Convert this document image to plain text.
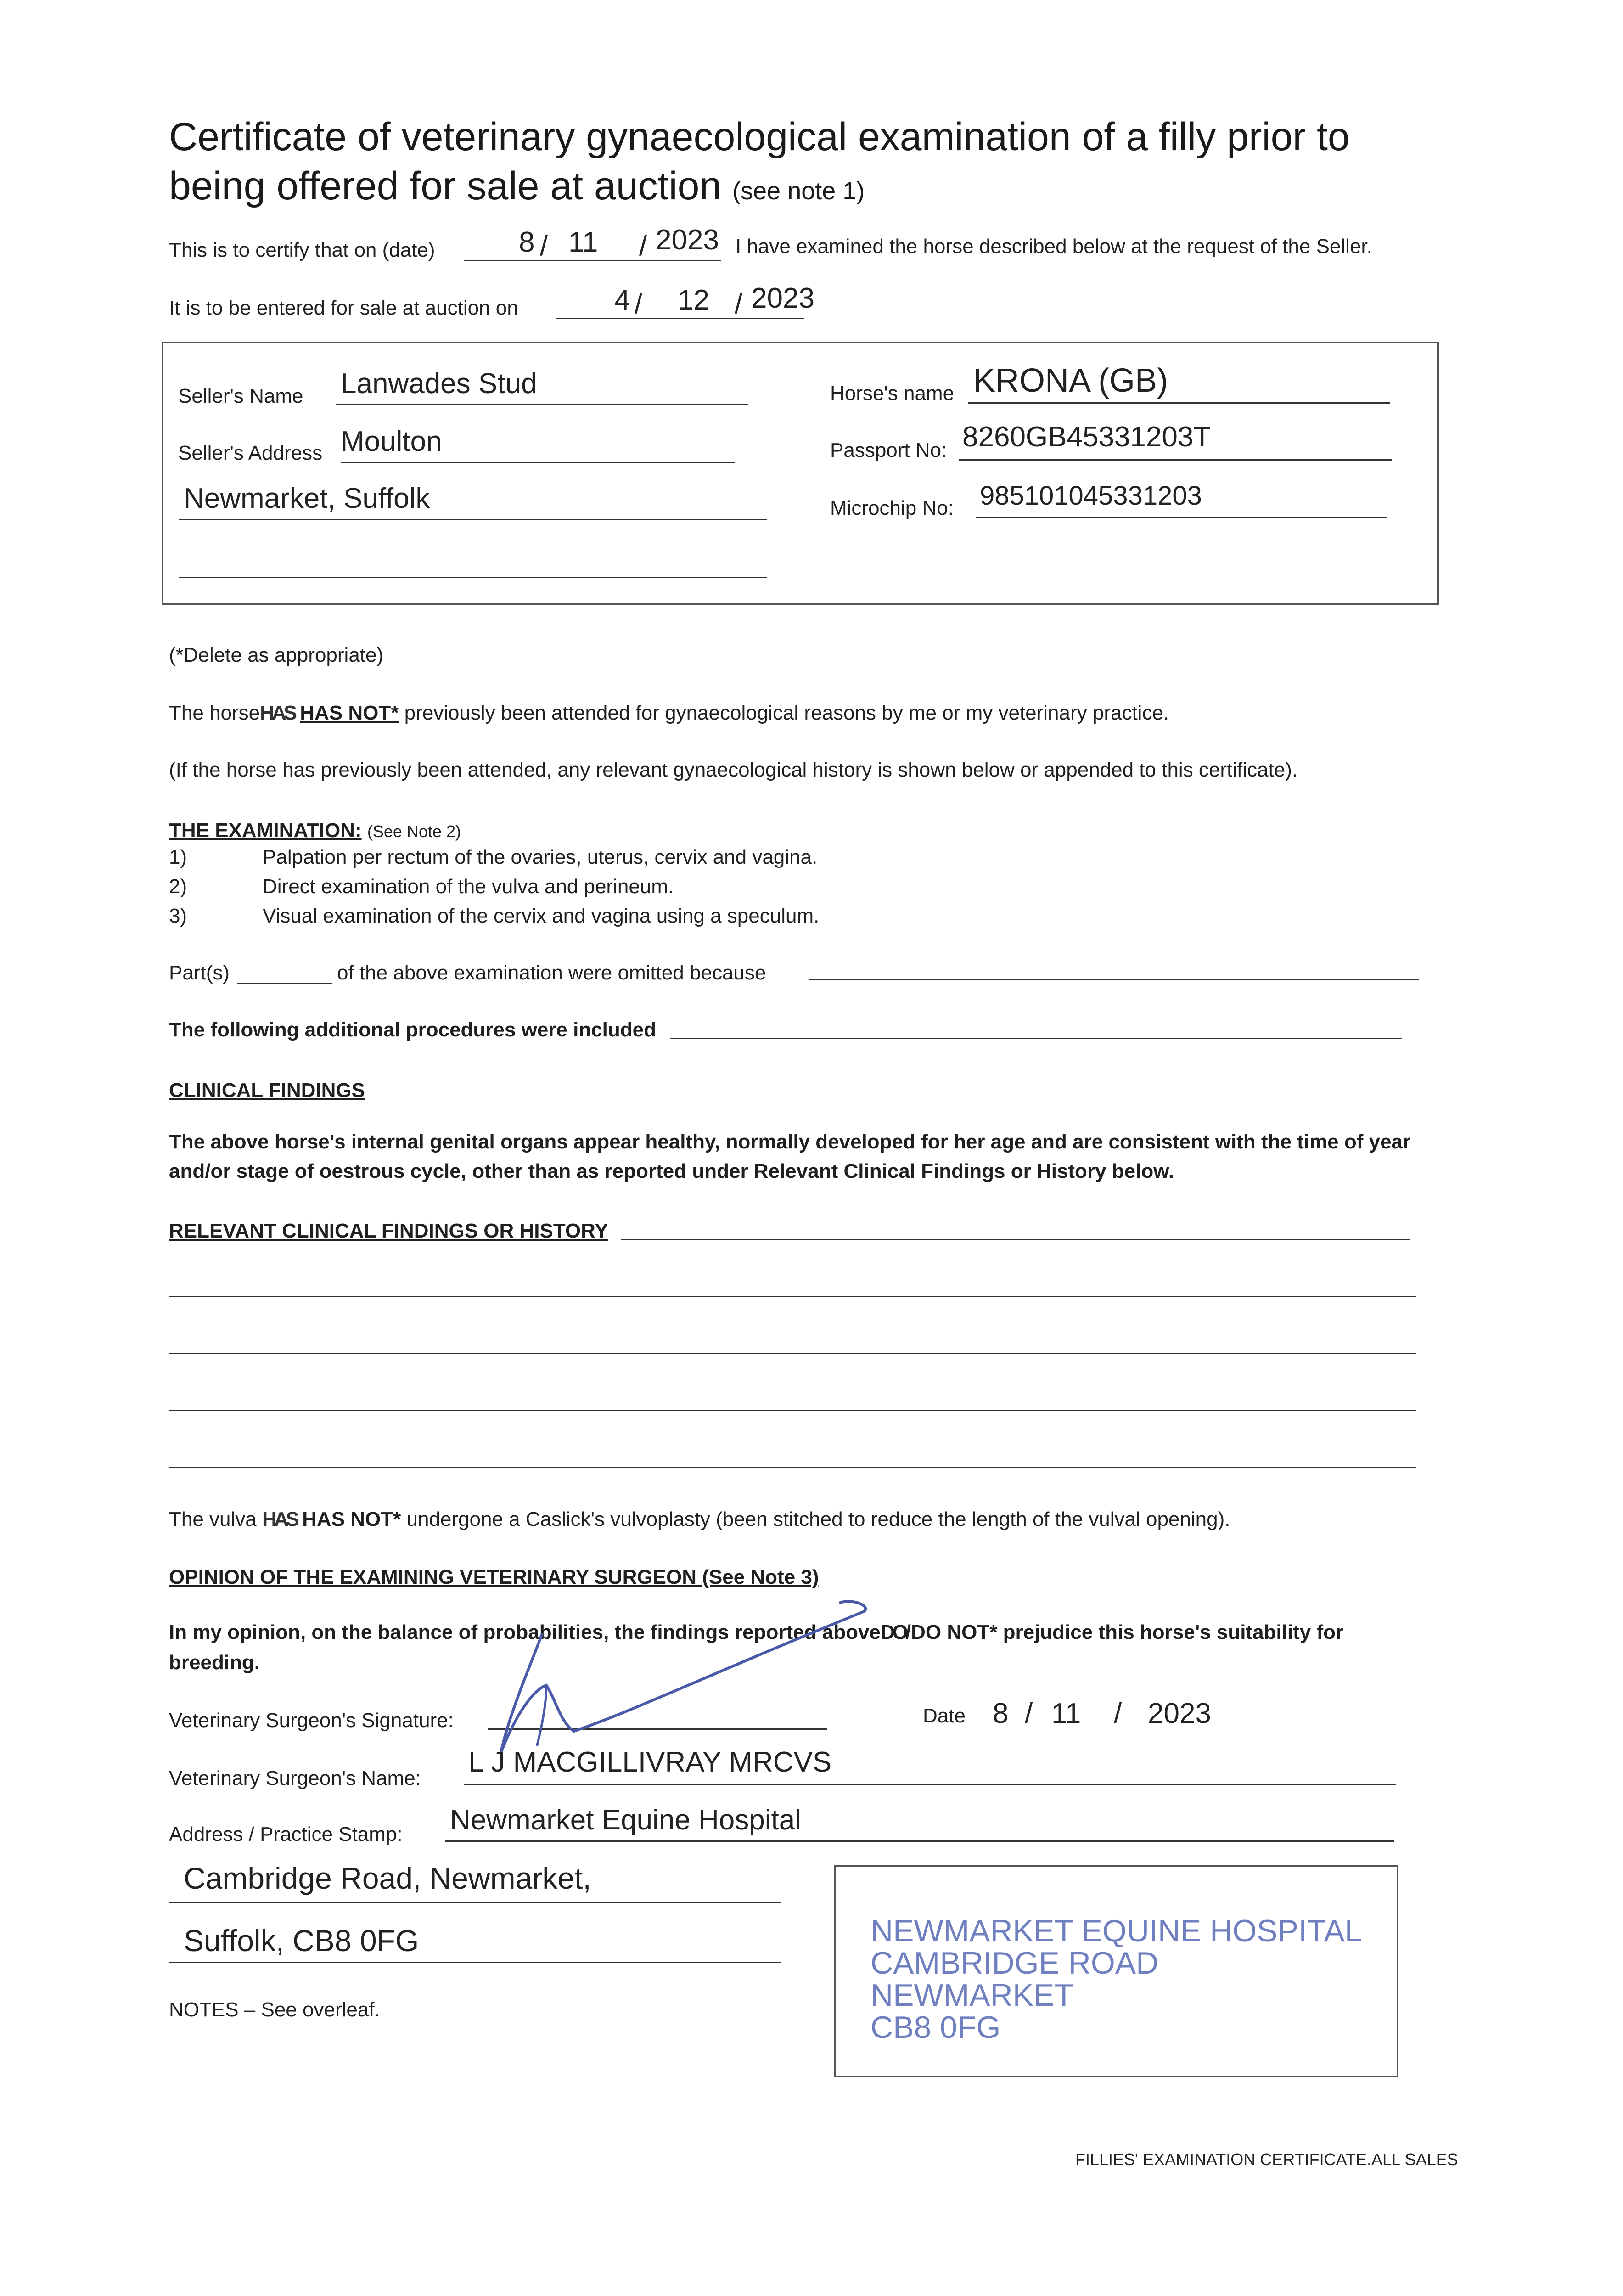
Certificate of veterinary gynaecological examination of a filly prior to
being offered for sale at auction (see note 1)
This is to certify that on (date)	8 / 11 / 2023 I have examined the horse described below at the request of the Seller.
It is to be entered for sale at auction on	4 / 12 / 2023
Seller's Name Lanwades Stud
Seller's Address Moulton
Newmarket, Suffolk
Horse's name KRONA (GB)
Passport No: 8260GB45331203T
Microchip No: 985101045331203
(*Delete as appropriate)
The horseHAS HAS NOT* previously been attended for gynaecological reasons by me or my veterinary practice.
(If the horse has previously been attended, any relevant gynaecological history is shown below or appended to this certificate).
THE EXAMINATION: (See Note 2)
1)	Palpation per rectum of the ovaries, uterus, cervix and vagina.
2)	Direct examination of the vulva and perineum.
3)	Visual examination of the cervix and vagina using a speculum.
Part(s)	of the above examination were omitted because
The following additional procedures were included
CLINICAL FINDINGS
The above horse's internal genital organs appear healthy, normally developed for her age and are consistent with the time of year
and/or stage of oestrous cycle, other than as reported under Relevant Clinical Findings or History below.
RELEVANT CLINICAL FINDINGS OR HISTORY
The vulva HAS HAS NOT* undergone a Caslick's vulvoplasty (been stitched to reduce the length of the vulval opening).
OPINION OF THE EXAMINING VETERINARY SURGEON (See Note 3)
In my opinion, on the balance of probabilities, the findings reported aboveDO/DO NOT* prejudice this horse's suitability for
breeding.
Veterinary Surgeon's Signature:	Date 8 / 11 / 2023
Veterinary Surgeon's Name:
L J MACGILLIVRAY MRCVS
Address / Practice Stamp: Newmarket Equine Hospital
Cambridge Road, Newmarket,
Suffolk, CB8 0FG	NEWMARKET EQUINE HOSPITAL
CAMBRIDGE ROAD
NEWMARKET
CB8 0FG
NOTES – See overleaf.
FILLIES' EXAMINATION CERTIFICATE.ALL SALES
